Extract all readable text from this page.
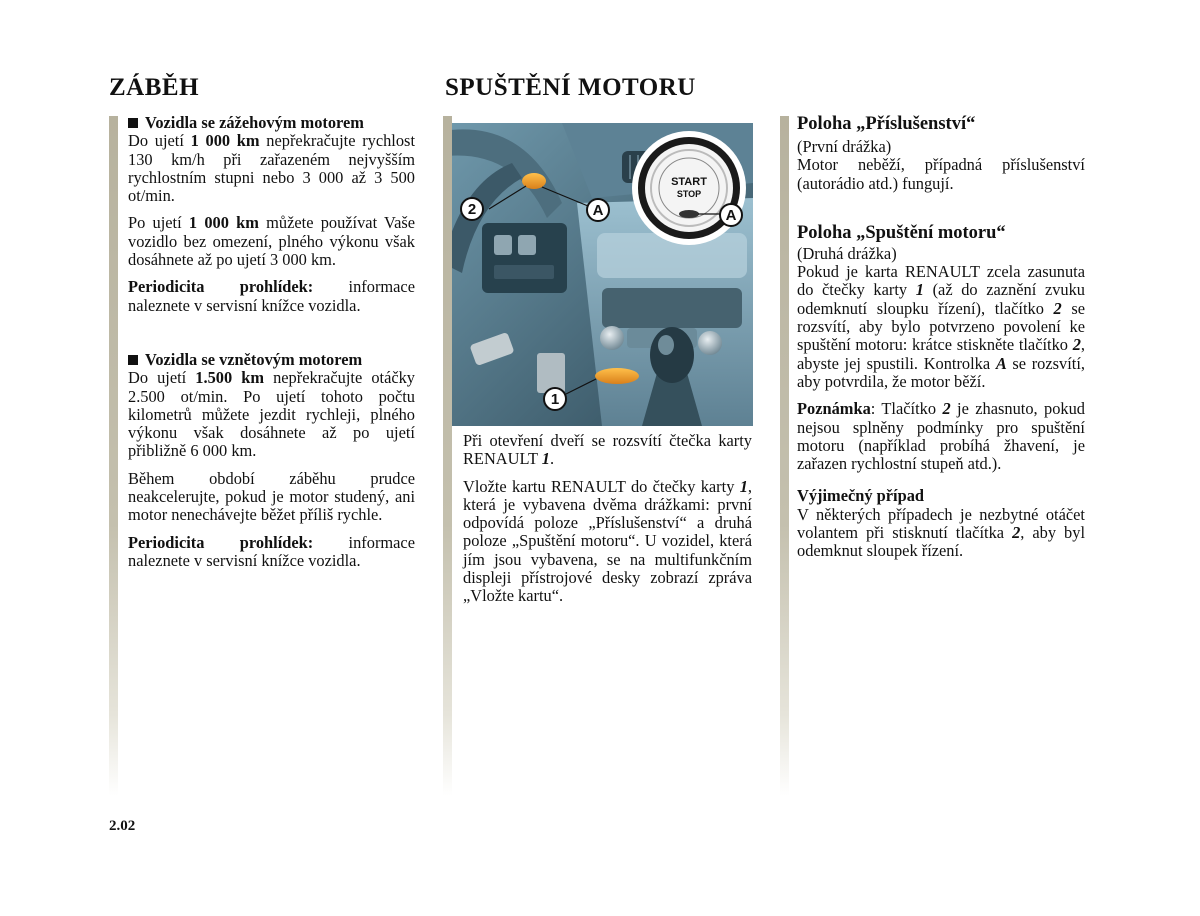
ZÁBĚH	SPUŠTĚNÍ MOTORU
Vozidla se zážehovým motorem

Do ujetí 1 000 km nepřekračujte rychlost 130 km/h při zařazeném nejvyšším rychlostním stupni nebo 3 000 až 3 500 ot/min.

Po ujetí 1 000 km můžete používat Vaše vozidlo bez omezení, plného výkonu však dosáhnete až po ujetí 3 000 km.

Periodicita prohlídek: informace naleznete v servisní knížce vozidla.

Vozidla se vznětovým motorem

Do ujetí 1.500 km nepřekračujte otáčky 2.500 ot/min. Po ujetí tohoto počtu kilometrů můžete jezdit rychleji, plného výkonu však dosáhnete až po ujetí přibližně 6 000 km.

Během období záběhu prudce neakcelerujte, pokud je motor studený, ani motor nenechávejte běžet příliš rychle.

Periodicita prohlídek: informace naleznete v servisní knížce vozidla.

START
STOP
A
2	A
1

Při otevření dveří se rozsvítí čtečka karty RENAULT 1.

Vložte kartu RENAULT do čtečky karty 1, která je vybavena dvěma drážkami: první odpovídá poloze „Příslušenství“ a druhá poloze „Spuštění motoru“. U vozidel, která jím jsou vybavena, se na multifunkčním displeji přístrojové desky zobrazí zpráva „Vložte kartu“.

Poloha „Příslušenství“

(První drážka)

Motor neběží, případná příslušenství (autorádio atd.) fungují.

Poloha „Spuštění motoru“

(Druhá drážka)

Pokud je karta RENAULT zcela zasunuta do čtečky karty 1 (až do zaznění zvuku odemknutí sloupku řízení), tlačítko 2 se rozsvítí, aby bylo potvrzeno povolení ke spuštění motoru: krátce stiskněte tlačítko 2, abyste jej spustili. Kontrolka A se rozsvítí, aby potvrdila, že motor běží.

Poznámka: Tlačítko 2 je zhasnuto, pokud nejsou splněny podmínky pro spuštění motoru (například probíhá žhavení, je zařazen rychlostní stupeň atd.).

Výjimečný případ

V některých případech je nezbytné otáčet volantem při stisknutí tlačítka 2, aby byl odemknut sloupek řízení.

2.02
